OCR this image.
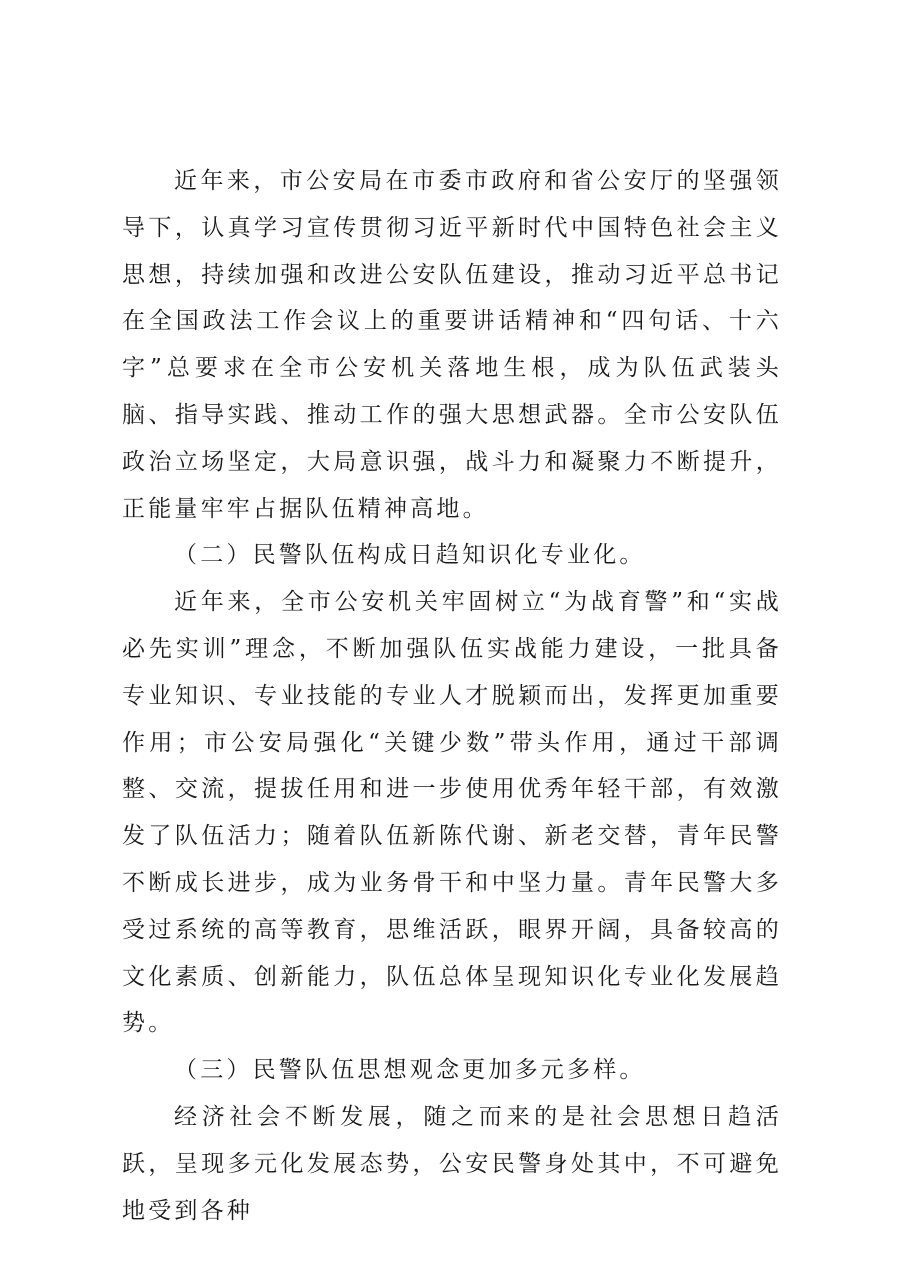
近年来，市公安局在市委市政府和省公安厅的坚强领导下，认真学习宣传贯彻习近平新时代中国特色社会主义思想，持续加强和改进公安队伍建设，推动习近平总书记在全国政法工作会议上的重要讲话精神和“四句话、十六字”总要求在全市公安机关落地生根，成为队伍武装头脑、指导实践、推动工作的强大思想武器。全市公安队伍政治立场坚定，大局意识强，战斗力和凝聚力不断提升，正能量牢牢占据队伍精神高地。

（二）民警队伍构成日趋知识化专业化。

近年来，全市公安机关牢固树立“为战育警”和“实战必先实训”理念，不断加强队伍实战能力建设，一批具备专业知识、专业技能的专业人才脱颖而出，发挥更加重要作用；市公安局强化“关键少数”带头作用，通过干部调整、交流，提拔任用和进一步使用优秀年轻干部，有效激发了队伍活力；随着队伍新陈代谢、新老交替，青年民警不断成长进步，成为业务骨干和中坚力量。青年民警大多受过系统的高等教育，思维活跃，眼界开阔，具备较高的文化素质、创新能力，队伍总体呈现知识化专业化发展趋势。

（三）民警队伍思想观念更加多元多样。

经济社会不断发展，随之而来的是社会思想日趋活跃，呈现多元化发展态势，公安民警身处其中，不可避免地受到各种
